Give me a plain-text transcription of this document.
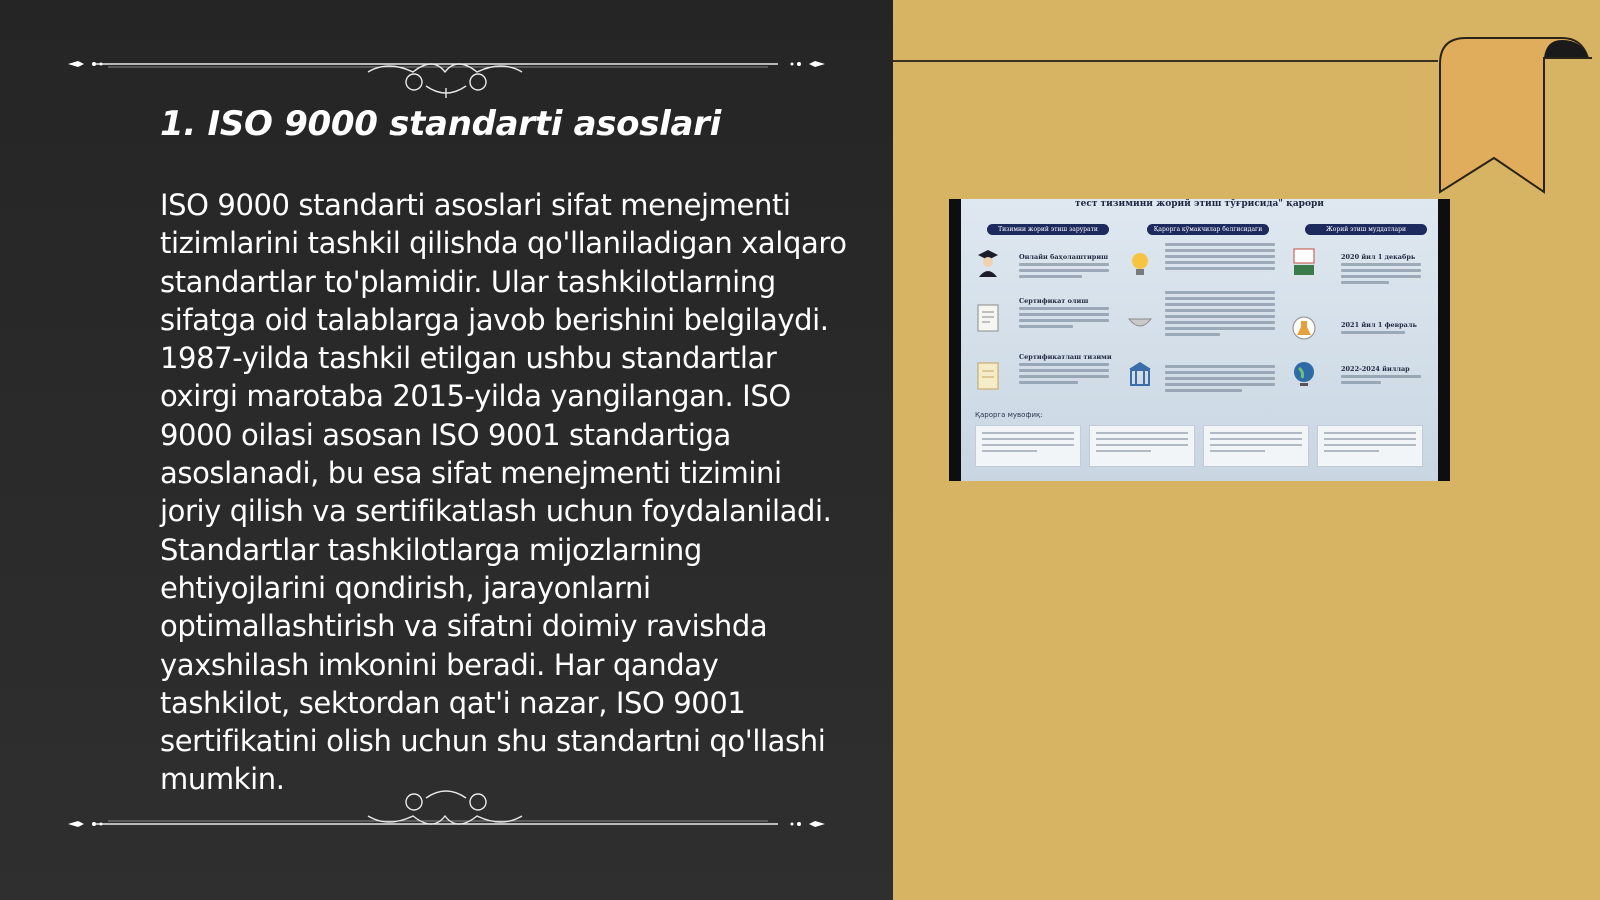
1. ISO 9000 standarti asoslari

ISO 9000 standarti asoslari sifat menejmenti tizimlarini tashkil qilishda qo'llaniladigan xalqaro standartlar to'plamidir. Ular tashkilotlarning sifatga oid talablarga javob berishini belgilaydi. 1987-yilda tashkil etilgan ushbu standartlar oxirgi marotaba 2015-yilda yangilangan. ISO 9000 oilasi asosan ISO 9001 standartiga asoslanadi, bu esa sifat menejmenti tizimini joriy qilish va sertifikatlash uchun foydalaniladi. Standartlar tashkilotlarga mijozlarning ehtiyojlarini qondirish, jarayonlarni optimallashtirish va sifatni doimiy ravishda yaxshilash imkonini beradi. Har qanday tashkilot, sektordan qat'i nazar, ISO 9001 sertifikatini olish uchun shu standartni qo'llashi mumkin.

тест тизимини жорий этиш тўғрисида" қарори
Тизимни жорий этиш зарурати	Қарорга кўмакчилар белгисидаги	Жорий этиш муддатлари
Онлайн баҳолаштириш
Сертификат олиш
Сертификатлаш тизими
2020 йил 1 декабрь
2021 йил 1 февраль
2022-2024 йиллар
Қарорга мувофиқ:
